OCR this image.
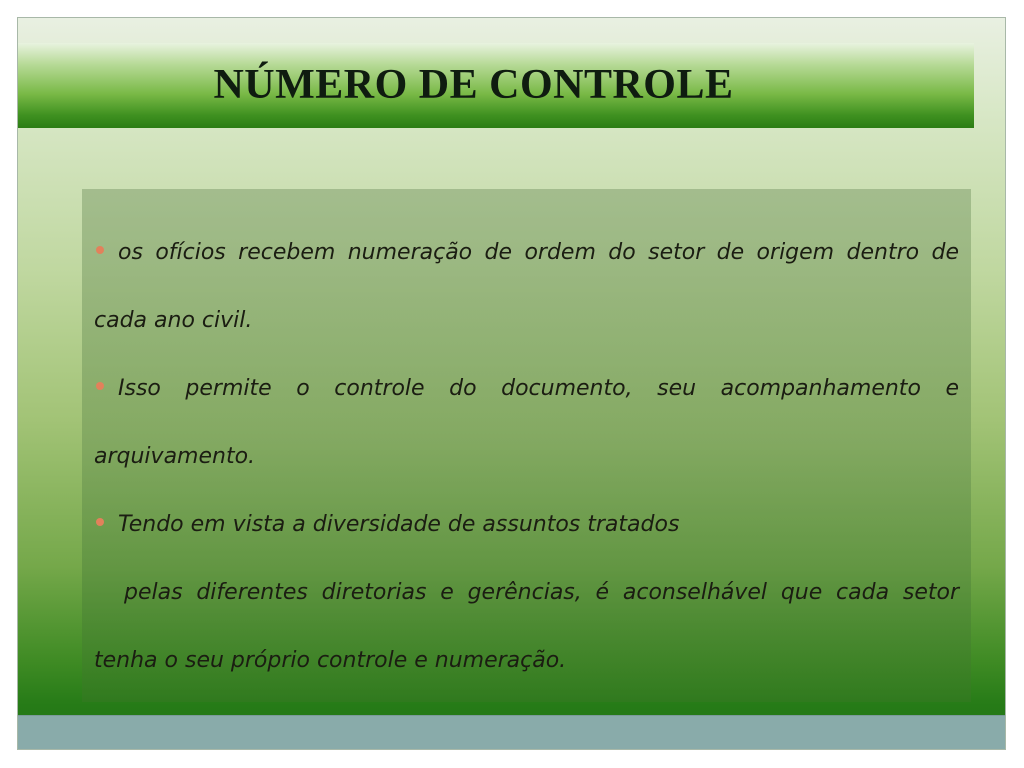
NÚMERO DE CONTROLE

os ofícios recebem numeração de ordem do setor de origem dentro de cada ano civil.

Isso permite o controle do documento, seu acompanhamento e arquivamento.

Tendo em vista a diversidade de assuntos tratados

pelas diferentes diretorias e gerências, é aconselhável que cada setor tenha o seu próprio controle e numeração.
